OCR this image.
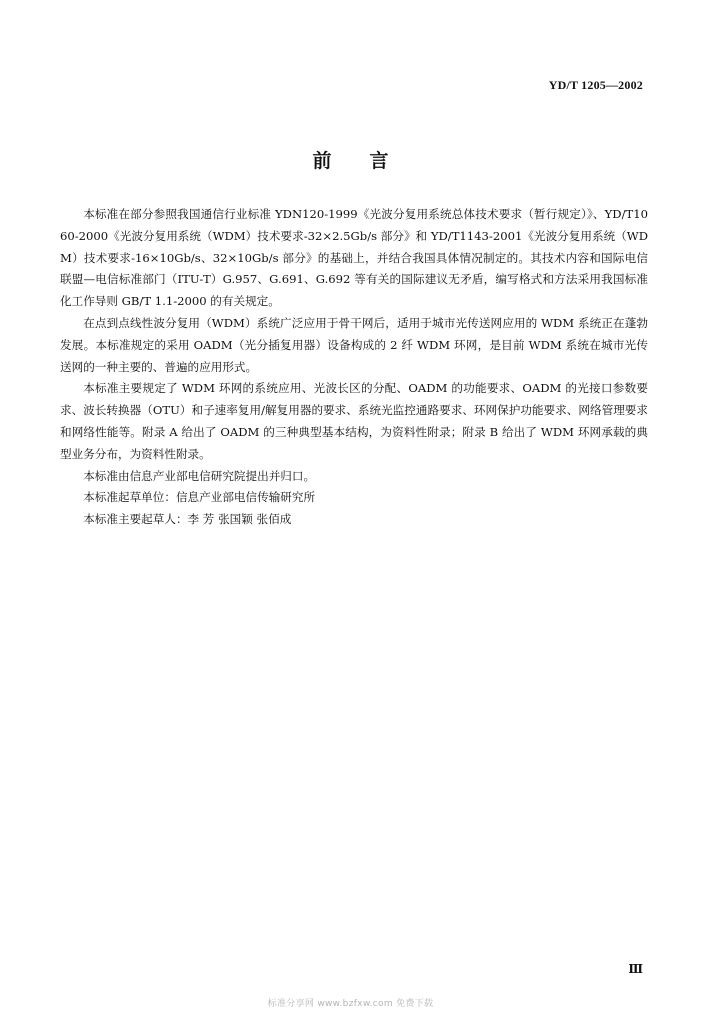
YD/T 1205—2002
前言

本标准在部分参照我国通信行业标准 YDN120-1999《光波分复用系统总体技术要求（暂行规定）》、YD/T1060-2000《光波分复用系统（WDM）技术要求-32×2.5Gb/s 部分》和 YD/T1143-2001《光波分复用系统（WDM）技术要求-16×10Gb/s、32×10Gb/s 部分》的基础上，并结合我国具体情况制定的。其技术内容和国际电信联盟—电信标准部门（ITU-T）G.957、G.691、G.692 等有关的国际建议无矛盾，编写格式和方法采用我国标准化工作导则 GB/T 1.1-2000 的有关规定。

在点到点线性波分复用（WDM）系统广泛应用于骨干网后，适用于城市光传送网应用的 WDM 系统正在蓬勃发展。本标准规定的采用 OADM（光分插复用器）设备构成的 2 纤 WDM 环网，是目前 WDM 系统在城市光传送网的一种主要的、普遍的应用形式。

本标准主要规定了 WDM 环网的系统应用、光波长区的分配、OADM 的功能要求、OADM 的光接口参数要求、波长转换器（OTU）和子速率复用/解复用器的要求、系统光监控通路要求、环网保护功能要求、网络管理要求和网络性能等。附录 A 给出了 OADM 的三种典型基本结构，为资料性附录；附录 B 给出了 WDM 环网承载的典型业务分布，为资料性附录。

本标准由信息产业部电信研究院提出并归口。

本标准起草单位：信息产业部电信传输研究所

本标准主要起草人：李 芳 张国颖 张佰成

Ⅲ
标准分享网 www.bzfxw.com 免费下载
